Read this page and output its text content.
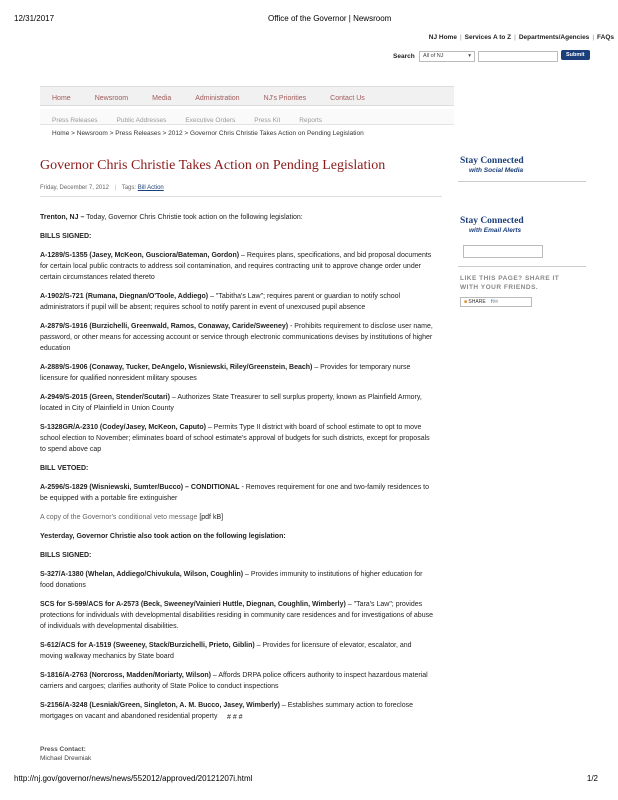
12/31/2017	Office of the Governor | Newsroom
NJ Home | Services A to Z | Departments/Agencies | FAQs
Search	All of NJ	▾	Submit
Home	Newsroom	Media	Administration	NJ's Priorities	Contact Us
Press Releases	Public Addresses	Executive Orders	Press Kit	Reports
Home > Newsroom > Press Releases > 2012 > Governor Chris Christie Takes Action on Pending Legislation
Governor Chris Christie Takes Action on Pending Legislation
Friday, December 7, 2012 | Tags: Bill Action

Trenton, NJ – Today, Governor Chris Christie took action on the following legislation:

BILLS SIGNED:

A-1289/S-1355 (Jasey, McKeon, Gusciora/Bateman, Gordon) – Requires plans, specifications, and bid proposal documents for certain local public contracts to address soil contamination, and requires contracting unit to approve change order under certain circumstances related thereto

A-1902/S-721 (Rumana, Diegnan/O'Toole, Addiego) – "Tabitha's Law"; requires parent or guardian to notify school administrators if pupil will be absent; requires school to notify parent in event of unexcused pupil absence

A-2879/S-1916 (Burzichelli, Greenwald, Ramos, Conaway, Caride/Sweeney) - Prohibits requirement to disclose user name, password, or other means for accessing account or service through electronic communications devises by institutions of higher education

A-2889/S-1906 (Conaway, Tucker, DeAngelo, Wisniewski, Riley/Greenstein, Beach) – Provides for temporary nurse licensure for qualified nonresident military spouses

A-2949/S-2015 (Green, Stender/Scutari) – Authorizes State Treasurer to sell surplus property, known as Plainfield Armory, located in City of Plainfield in Union County

S-1328GR/A-2310 (Codey/Jasey, McKeon, Caputo) – Permits Type II district with board of school estimate to opt to move school election to November; eliminates board of school estimate's approval of budgets for such districts, except for proposals to spend above cap

BILL VETOED:

A-2596/S-1829 (Wisniewski, Sumter/Bucco) – CONDITIONAL - Removes requirement for one and two-family residences to be equipped with a portable fire extinguisher

A copy of the Governor's conditional veto message [pdf kB]

Yesterday, Governor Christie also took action on the following legislation:

BILLS SIGNED:

S-327/A-1380 (Whelan, Addiego/Chivukula, Wilson, Coughlin) – Provides immunity to institutions of higher education for food donations

SCS for S-599/ACS for A-2573 (Beck, Sweeney/Vainieri Huttle, Diegnan, Coughlin, Wimberly) – "Tara's Law"; provides protections for individuals with developmental disabilities residing in community care residences and for investigations of abuse of individuals with developmental disabilities.

S-612/ACS for A-1519 (Sweeney, Stack/Burzichelli, Prieto, Giblin) – Provides for licensure of elevator, escalator, and moving walkway mechanics by State board

S-1816/A-2763 (Norcross, Madden/Moriarty, Wilson) – Affords DRPA police officers authority to inspect hazardous material carriers and cargoes; clarifies authority of State Police to conduct inspections

S-2156/A-3248 (Lesniak/Green, Singleton, A. M. Bucco, Jasey, Wimberly) – Establishes summary action to foreclose mortgages on vacant and abandoned residential property	# # #
Press Contact:
Michael Drewniak
Stay Connected
with Social Media
Stay Connected
with Email Alerts
LIKE THIS PAGE? SHARE IT WITH YOUR FRIENDS.
■ SHARE ft✉
http://nj.gov/governor/news/news/552012/approved/20121207i.html	1/2
